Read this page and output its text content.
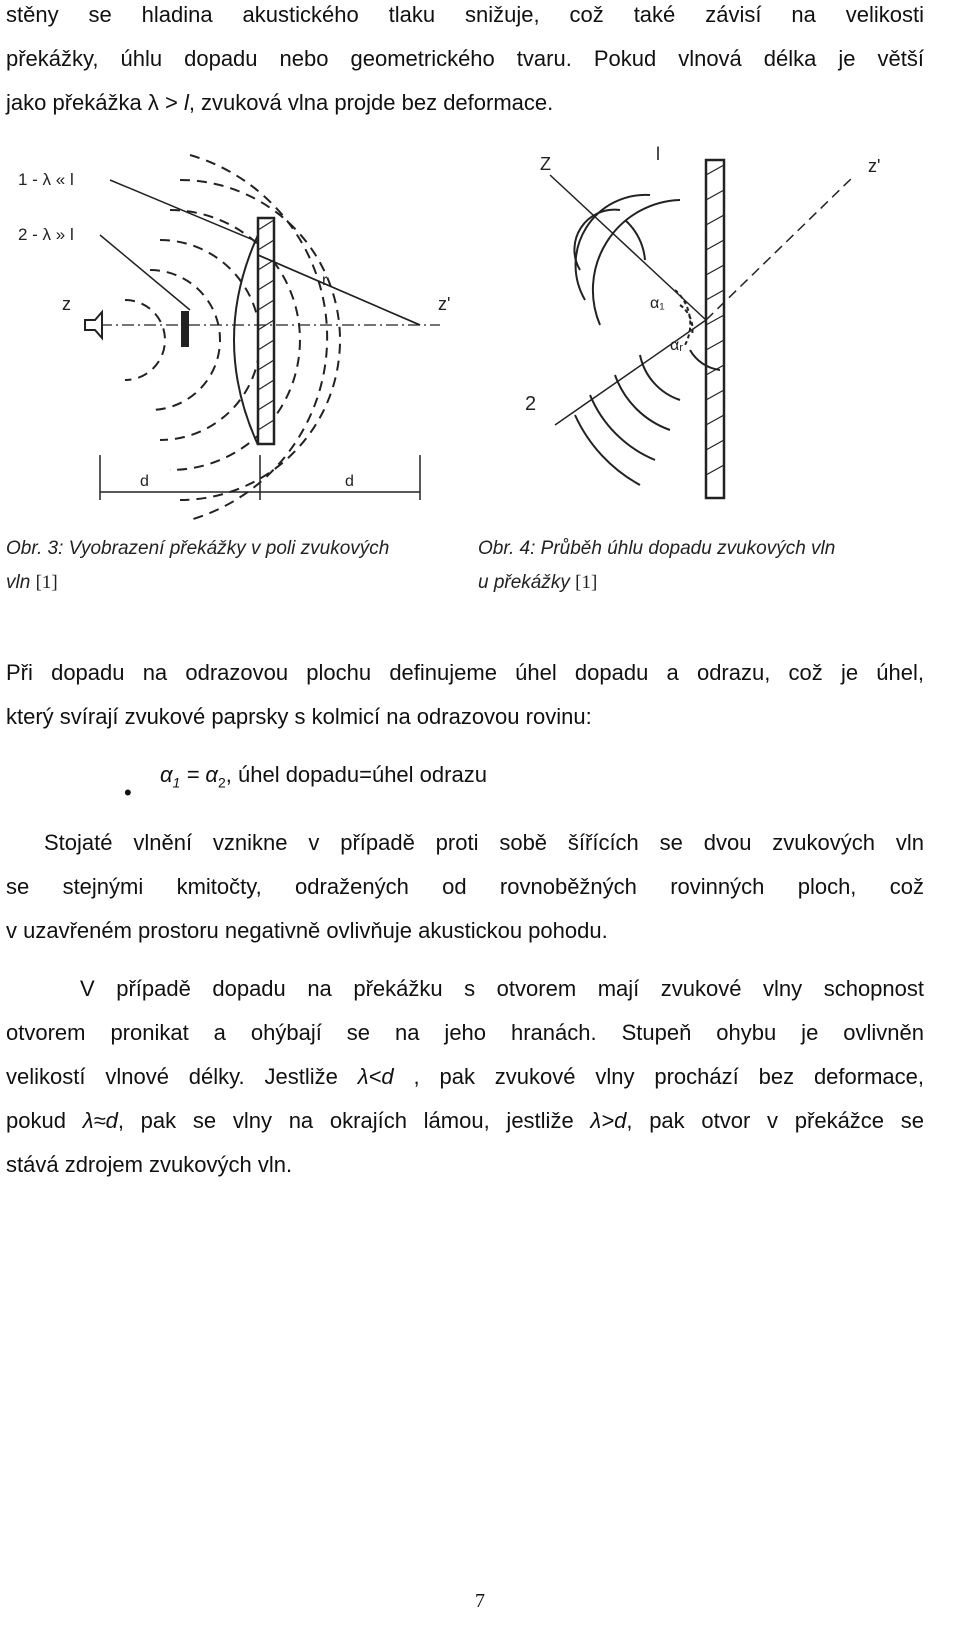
stěny se hladina akustického tlaku snižuje, což také závisí na velikosti
překážky, úhlu dopadu nebo geometrického tvaru. Pokud vlnová délka je větší
jako překážka λ > l, zvuková vlna projde bez deformace.
1 - λ « l
2 - λ » l
z	z'
r
d	d
Obr. 3: Vyobrazení překážky v poli zvukových
vln [1]
Z	l
z'
2
α₁
αᵣ
Obr. 4: Průběh úhlu dopadu zvukových vln
u překážky [1]
Při dopadu na odrazovou plochu definujeme úhel dopadu a odrazu, což je úhel,
který svírají zvukové paprsky s kolmicí na odrazovou rovinu:
•
$\alpha_1 = \alpha_2$, úhel dopadu=úhel odrazu
Stojaté vlnění vznikne v případě proti sobě šířících se dvou zvukových vln
se stejnými kmitočty, odražených od rovnoběžných rovinných ploch, což
v uzavřeném prostoru negativně ovlivňuje akustickou pohodu.
V případě dopadu na překážku s otvorem mají zvukové vlny schopnost
otvorem pronikat a ohýbají se na jeho hranách. Stupeň ohybu je ovlivněn
velikostí vlnové délky. Jestliže λ<d , pak zvukové vlny prochází bez deformace,
pokud λ≈d, pak se vlny na okrajích lámou, jestliže λ>d, pak otvor v překážce se
stává zdrojem zvukových vln.
7
